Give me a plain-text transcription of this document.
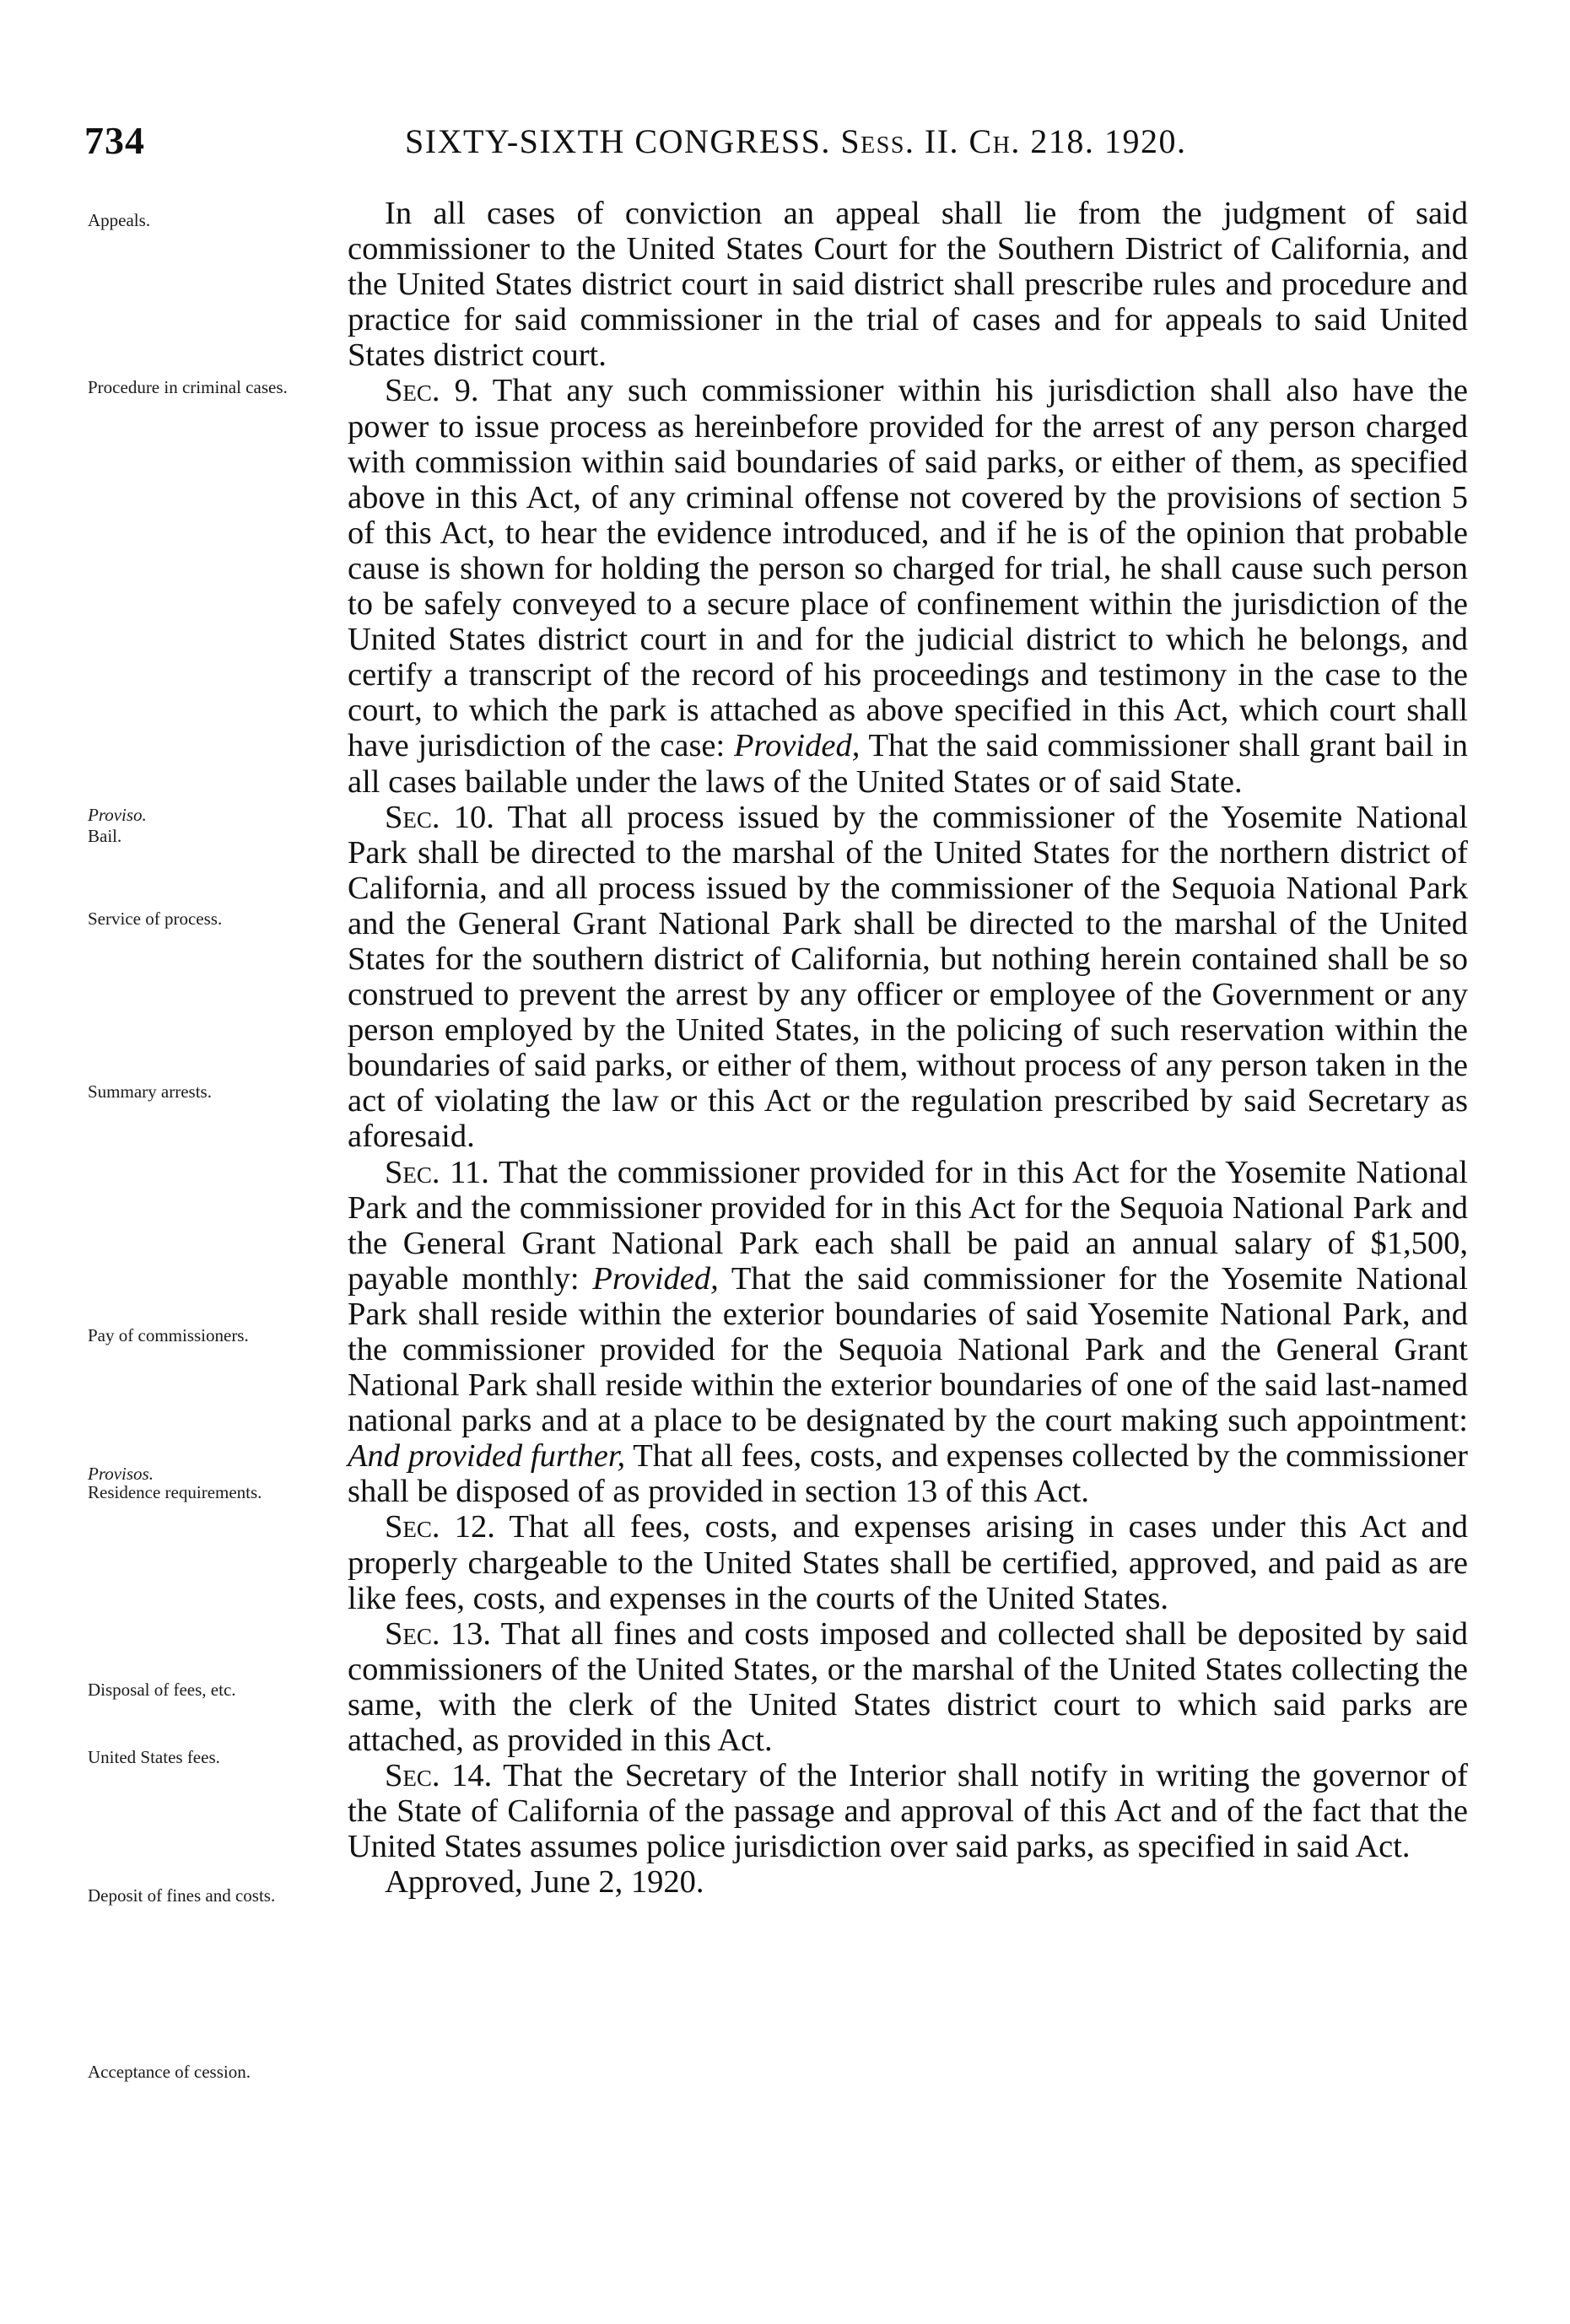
734	SIXTY-SIXTH CONGRESS. Sess. II. Ch. 218. 1920.
Appeals.
Procedure in criminal cases.
Proviso.
Bail.
Service of process.
Summary arrests.
Pay of commissioners.
Provisos.
Residence requirements.
Disposal of fees, etc.
United States fees.
Deposit of fines and costs.
Acceptance of cession.

In all cases of conviction an appeal shall lie from the judgment of said commissioner to the United States Court for the Southern District of California, and the United States district court in said district shall prescribe rules and procedure and practice for said commissioner in the trial of cases and for appeals to said United States district court.

Sec. 9. That any such commissioner within his jurisdiction shall also have the power to issue process as hereinbefore provided for the arrest of any person charged with commission within said boundaries of said parks, or either of them, as specified above in this Act, of any criminal offense not covered by the provisions of section 5 of this Act, to hear the evidence introduced, and if he is of the opinion that probable cause is shown for holding the person so charged for trial, he shall cause such person to be safely conveyed to a secure place of confinement within the jurisdiction of the United States district court in and for the judicial district to which he belongs, and certify a transcript of the record of his proceedings and testimony in the case to the court, to which the park is attached as above specified in this Act, which court shall have jurisdiction of the case: Provided, That the said commissioner shall grant bail in all cases bailable under the laws of the United States or of said State.

Sec. 10. That all process issued by the commissioner of the Yosemite National Park shall be directed to the marshal of the United States for the northern district of California, and all process issued by the commissioner of the Sequoia National Park and the General Grant National Park shall be directed to the marshal of the United States for the southern district of California, but nothing herein contained shall be so construed to prevent the arrest by any officer or employee of the Government or any person employed by the United States, in the policing of such reservation within the boundaries of said parks, or either of them, without process of any person taken in the act of violating the law or this Act or the regulation prescribed by said Secretary as aforesaid.

Sec. 11. That the commissioner provided for in this Act for the Yosemite National Park and the commissioner provided for in this Act for the Sequoia National Park and the General Grant National Park each shall be paid an annual salary of $1,500, payable monthly: Provided, That the said commissioner for the Yosemite National Park shall reside within the exterior boundaries of said Yosemite National Park, and the commissioner provided for the Sequoia National Park and the General Grant National Park shall reside within the exterior boundaries of one of the said last-named national parks and at a place to be designated by the court making such appointment: And provided further, That all fees, costs, and expenses collected by the commissioner shall be disposed of as provided in section 13 of this Act.

Sec. 12. That all fees, costs, and expenses arising in cases under this Act and properly chargeable to the United States shall be certified, approved, and paid as are like fees, costs, and expenses in the courts of the United States.

Sec. 13. That all fines and costs imposed and collected shall be deposited by said commissioners of the United States, or the marshal of the United States collecting the same, with the clerk of the United States district court to which said parks are attached, as provided in this Act.

Sec. 14. That the Secretary of the Interior shall notify in writing the governor of the State of California of the passage and approval of this Act and of the fact that the United States assumes police jurisdiction over said parks, as specified in said Act.

Approved, June 2, 1920.
